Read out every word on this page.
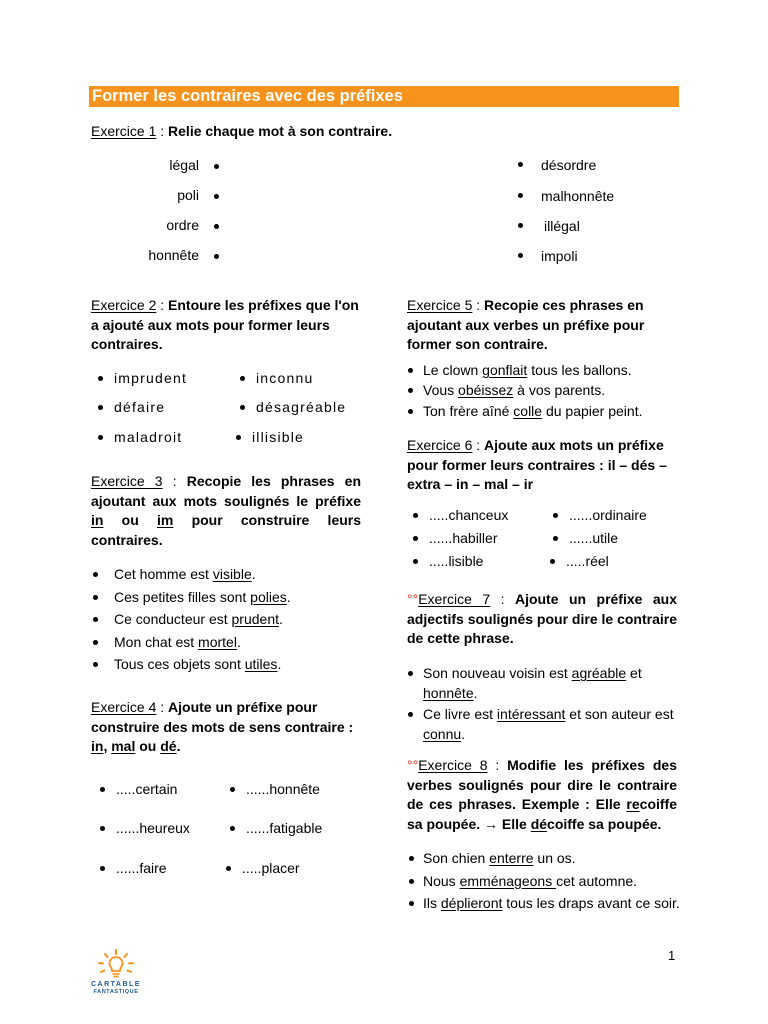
Former les contraires avec des préfixes
Exercice 1 : Relie chaque mot à son contraire.
légal
poli
ordre
honnête
désordre
malhonnête
illégal
impoli
Exercice 2 : Entoure les préfixes que l'on a ajouté aux mots pour former leurs contraires.
imprudent
défaire
maladroit
inconnu
désagréable
illisible
Exercice 3 : Recopie les phrases en ajoutant aux mots soulignés le préfixe in ou im pour construire leurs contraires.
Cet homme est visible.
Ces petites filles sont polies.
Ce conducteur est prudent.
Mon chat est mortel.
Tous ces objets sont utiles.
Exercice 4 : Ajoute un préfixe pour construire des mots de sens contraire : in, mal ou dé.
.....certain
......heureux
......faire
......honnête
......fatigable
.....placer
Exercice 5 : Recopie ces phrases en ajoutant aux verbes un préfixe pour former son contraire.
Le clown gonflait tous les ballons.
Vous obéissez à vos parents.
Ton frère aîné colle du papier peint.
Exercice 6 : Ajoute aux mots un préfixe pour former leurs contraires : il – dés – extra – in – mal – ir
.....chanceux
......habiller
.....lisible
......ordinaire
......utile
.....réel
°°Exercice 7 : Ajoute un préfixe aux adjectifs soulignés pour dire le contraire de cette phrase.
Son nouveau voisin est agréable et honnête.
Ce livre est intéressant et son auteur est connu.
°°Exercice 8 : Modifie les préfixes des verbes soulignés pour dire le contraire de ces phrases. Exemple : Elle recoiffe sa poupée. → Elle décoiffe sa poupée.
Son chien enterre un os.
Nous emménageons cet automne.
Ils déplieront tous les draps avant ce soir.
1
CARTABLE
FANTASTIQUE
